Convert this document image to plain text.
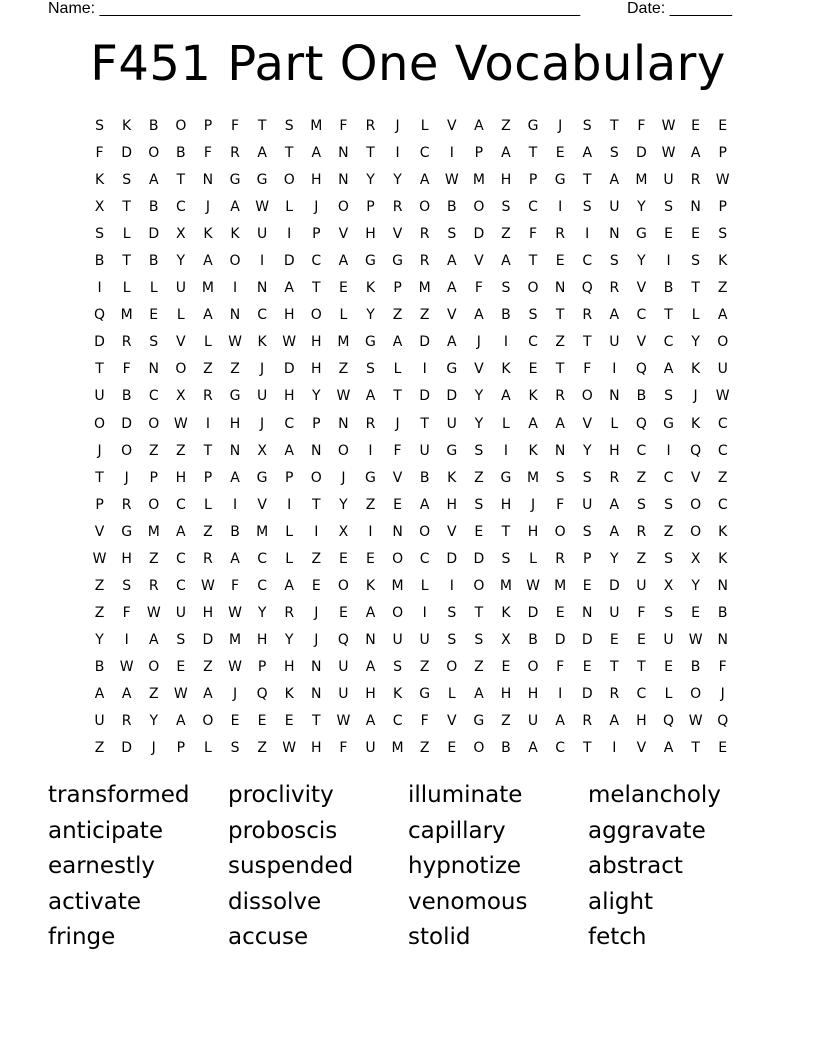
Name: ______________________________________________________	Date: _______
F451 Part One Vocabulary
S	K	B	O	P	F	T	S	M	F	R	J	L	V	A	Z	G	J	S	T	F	W	E	E
F	D	O	B	F	R	A	T	A	N	T	I	C	I	P	A	T	E	A	S	D	W	A	P
K	S	A	T	N	G	G	O	H	N	Y	Y	A	W	M	H	P	G	T	A	M	U	R	W
X	T	B	C	J	A	W	L	J	O	P	R	O	B	O	S	C	I	S	U	Y	S	N	P
S	L	D	X	K	K	U	I	P	V	H	V	R	S	D	Z	F	R	I	N	G	E	E	S
B	T	B	Y	A	O	I	D	C	A	G	G	R	A	V	A	T	E	C	S	Y	I	S	K
I	L	L	U	M	I	N	A	T	E	K	P	M	A	F	S	O	N	Q	R	V	B	T	Z
Q	M	E	L	A	N	C	H	O	L	Y	Z	Z	V	A	B	S	T	R	A	C	T	L	A
D	R	S	V	L	W	K	W	H	M	G	A	D	A	J	I	C	Z	T	U	V	C	Y	O
T	F	N	O	Z	Z	J	D	H	Z	S	L	I	G	V	K	E	T	F	I	Q	A	K	U
U	B	C	X	R	G	U	H	Y	W	A	T	D	D	Y	A	K	R	O	N	B	S	J	W
O	D	O	W	I	H	J	C	P	N	R	J	T	U	Y	L	A	A	V	L	Q	G	K	C
J	O	Z	Z	T	N	X	A	N	O	I	F	U	G	S	I	K	N	Y	H	C	I	Q	C
T	J	P	H	P	A	G	P	O	J	G	V	B	K	Z	G	M	S	S	R	Z	C	V	Z
P	R	O	C	L	I	V	I	T	Y	Z	E	A	H	S	H	J	F	U	A	S	S	O	C
V	G	M	A	Z	B	M	L	I	X	I	N	O	V	E	T	H	O	S	A	R	Z	O	K
W	H	Z	C	R	A	C	L	Z	E	E	O	C	D	D	S	L	R	P	Y	Z	S	X	K
Z	S	R	C	W	F	C	A	E	O	K	M	L	I	O	M	W	M	E	D	U	X	Y	N
Z	F	W	U	H	W	Y	R	J	E	A	O	I	S	T	K	D	E	N	U	F	S	E	B
Y	I	A	S	D	M	H	Y	J	Q	N	U	U	S	S	X	B	D	D	E	E	U	W	N
B	W	O	E	Z	W	P	H	N	U	A	S	Z	O	Z	E	O	F	E	T	T	E	B	F
A	A	Z	W	A	J	Q	K	N	U	H	K	G	L	A	H	H	I	D	R	C	L	O	J
U	R	Y	A	O	E	E	E	T	W	A	C	F	V	G	Z	U	A	R	A	H	Q	W	Q
Z	D	J	P	L	S	Z	W	H	F	U	M	Z	E	O	B	A	C	T	I	V	A	T	E
transformed	proclivity	illuminate	melancholy
anticipate	proboscis	capillary	aggravate
earnestly	suspended	hypnotize	abstract
activate	dissolve	venomous	alight
fringe	accuse	stolid	fetch
